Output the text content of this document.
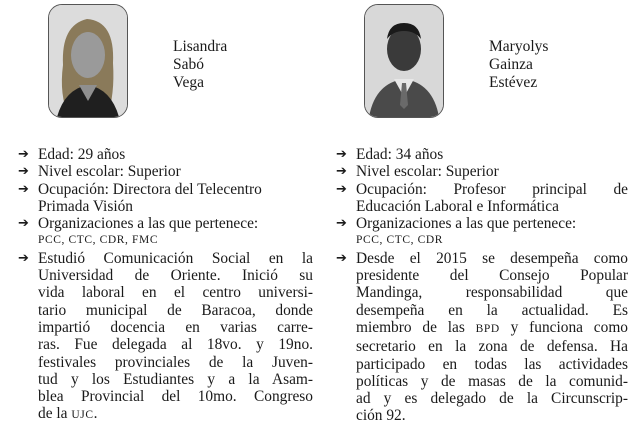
Lisandra
Sabó
Vega
➔ Edad: 29 años
➔ Nivel escolar: Superior
➔ Ocupación: Directora del Telecentro
Primada Visión
➔ Organizaciones a las que pertenece:
PCC, CTC, CDR, FMC
➔ Estudió Comunicación Social en la
Universidad de Oriente. Inició su
vida laboral en el centro universi-
tario municipal de Baracoa, donde
impartió docencia en varias carre-
ras. Fue delegada al 18vo. y 19no.
festivales provinciales de la Juven-
tud y los Estudiantes y a la Asam-
blea Provincial del 10mo. Congreso
de la UJC.
Maryolys
Gainza
Estévez
➔ Edad: 34 años
➔ Nivel escolar: Superior
➔ Ocupación: Profesor principal de
Educación Laboral e Informática
➔ Organizaciones a las que pertenece:
PCC, CTC, CDR
➔ Desde el 2015 se desempeña como
presidente del Consejo Popular
Mandinga, responsabilidad que
desempeña en la actualidad. Es
miembro de las BPD y funciona como
secretario en la zona de defensa. Ha
participado en todas las actividades
políticas y de masas de la comunid-
ad y es delegado de la Circunscrip-
ción 92.
